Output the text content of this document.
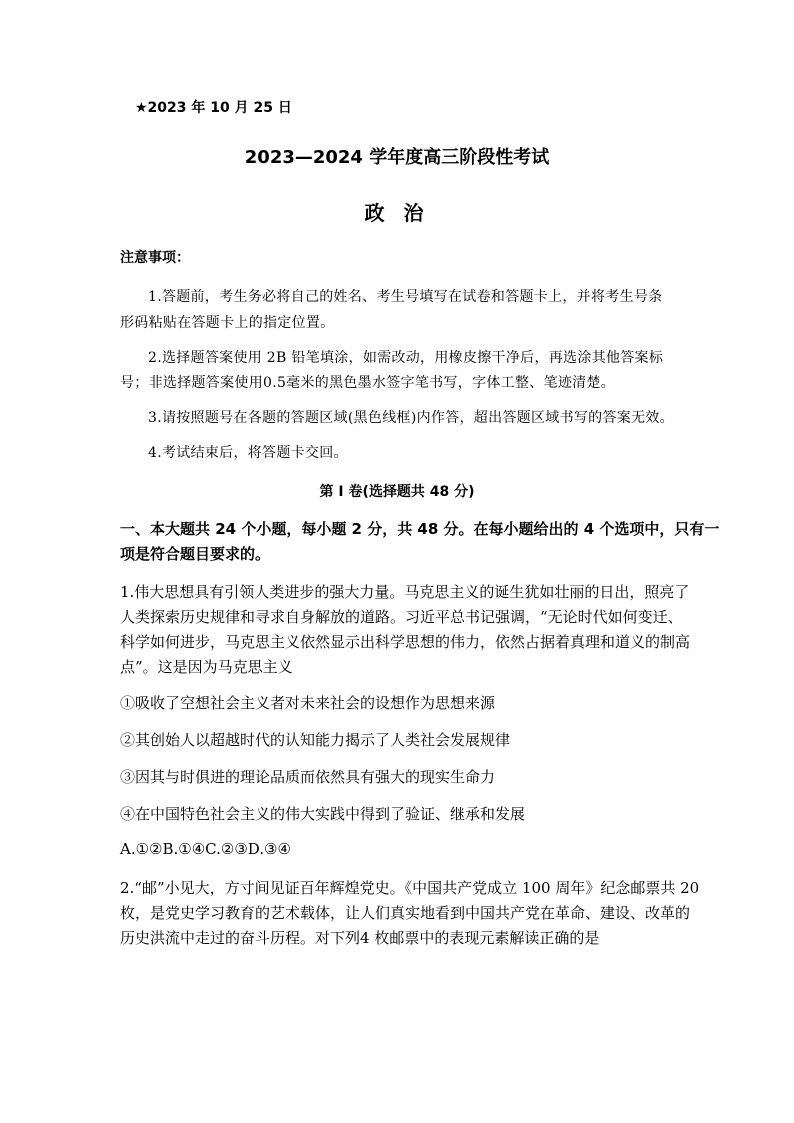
★2023 年 10 月 25 日
2023—2024 学年度高三阶段性考试
政 治
注意事项：
1.答题前，考生务必将自己的姓名、考生号填写在试卷和答题卡上，并将考生号条
形码粘贴在答题卡上的指定位置。
2.选择题答案使用 2B 铅笔填涂，如需改动，用橡皮擦干净后，再选涂其他答案标
号；非选择题答案使用0.5毫米的黑色墨水签字笔书写，字体工整、笔迹清楚。
3.请按照题号在各题的答题区域(黑色线框)内作答，超出答题区域书写的答案无效。
4.考试结束后，将答题卡交回。
第 I 卷(选择题共 48 分)
一、本大题共 24 个小题，每小题 2 分，共 48 分。在每小题给出的 4 个选项中，只有一
项是符合题目要求的。
1.伟大思想具有引领人类进步的强大力量。马克思主义的诞生犹如壮丽的日出，照亮了
人类探索历史规律和寻求自身解放的道路。习近平总书记强调，“无论时代如何变迁、
科学如何进步，马克思主义依然显示出科学思想的伟力，依然占据着真理和道义的制高
点”。这是因为马克思主义
①吸收了空想社会主义者对未来社会的设想作为思想来源
②其创始人以超越时代的认知能力揭示了人类社会发展规律
③因其与时俱进的理论品质而依然具有强大的现实生命力
④在中国特色社会主义的伟大实践中得到了验证、继承和发展
A.①②B.①④C.②③D.③④
2.“邮”小见大，方寸间见证百年辉煌党史。《中国共产党成立 100 周年》纪念邮票共 20
枚，是党史学习教育的艺术载体，让人们真实地看到中国共产党在革命、建设、改革的
历史洪流中走过的奋斗历程。对下列4 枚邮票中的表现元素解读正确的是
